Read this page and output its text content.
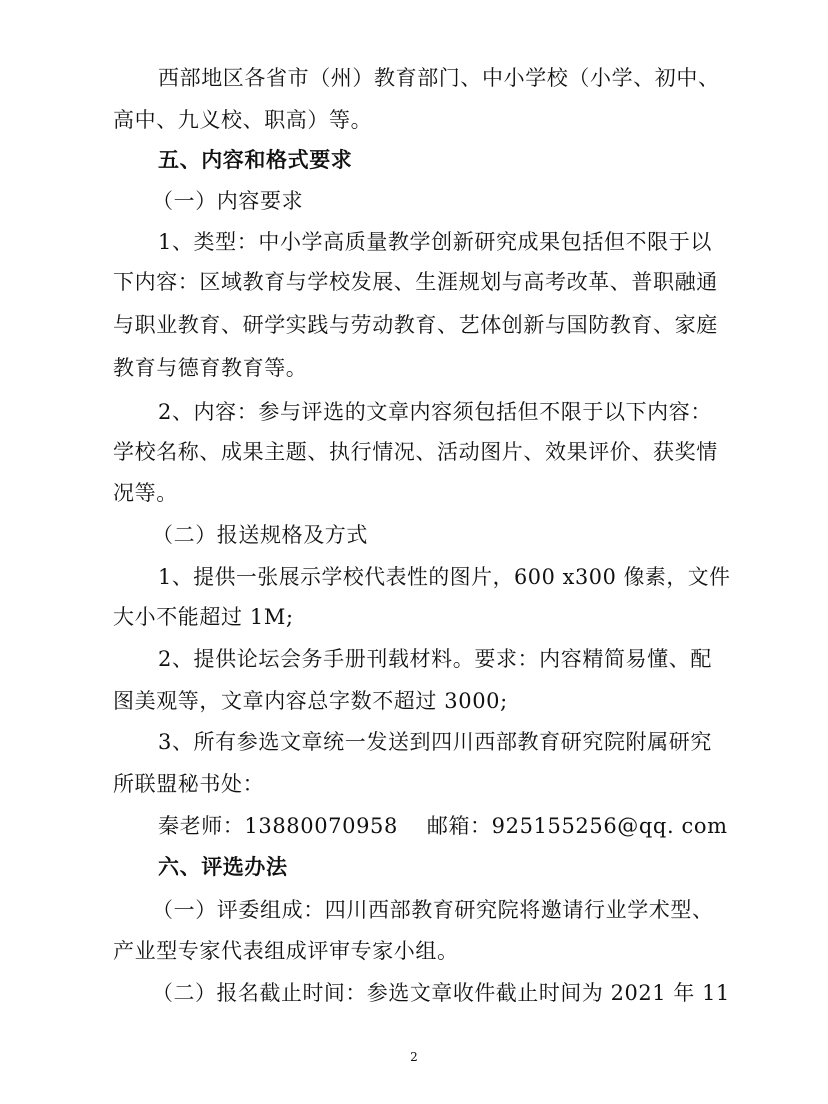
西部地区各省市（州）教育部门、中小学校（小学、初中、
高中、九义校、职高）等。
五、内容和格式要求
（一）内容要求
1、类型：中小学高质量教学创新研究成果包括但不限于以
下内容：区域教育与学校发展、生涯规划与高考改革、普职融通
与职业教育、研学实践与劳动教育、艺体创新与国防教育、家庭
教育与德育教育等。
2、内容：参与评选的文章内容须包括但不限于以下内容：
学校名称、成果主题、执行情况、活动图片、效果评价、获奖情
况等。
（二）报送规格及方式
1、提供一张展示学校代表性的图片，600 x300 像素，文件
大小不能超过 1M;
2、提供论坛会务手册刊载材料。要求：内容精简易懂、配
图美观等，文章内容总字数不超过 3000;
3、所有参选文章统一发送到四川西部教育研究院附属研究
所联盟秘书处：
秦老师：13880070958　 邮箱：925155256@qq. com
六、评选办法
（一）评委组成：四川西部教育研究院将邀请行业学术型、
产业型专家代表组成评审专家小组。
（二）报名截止时间：参选文章收件截止时间为 2021 年 11
2
